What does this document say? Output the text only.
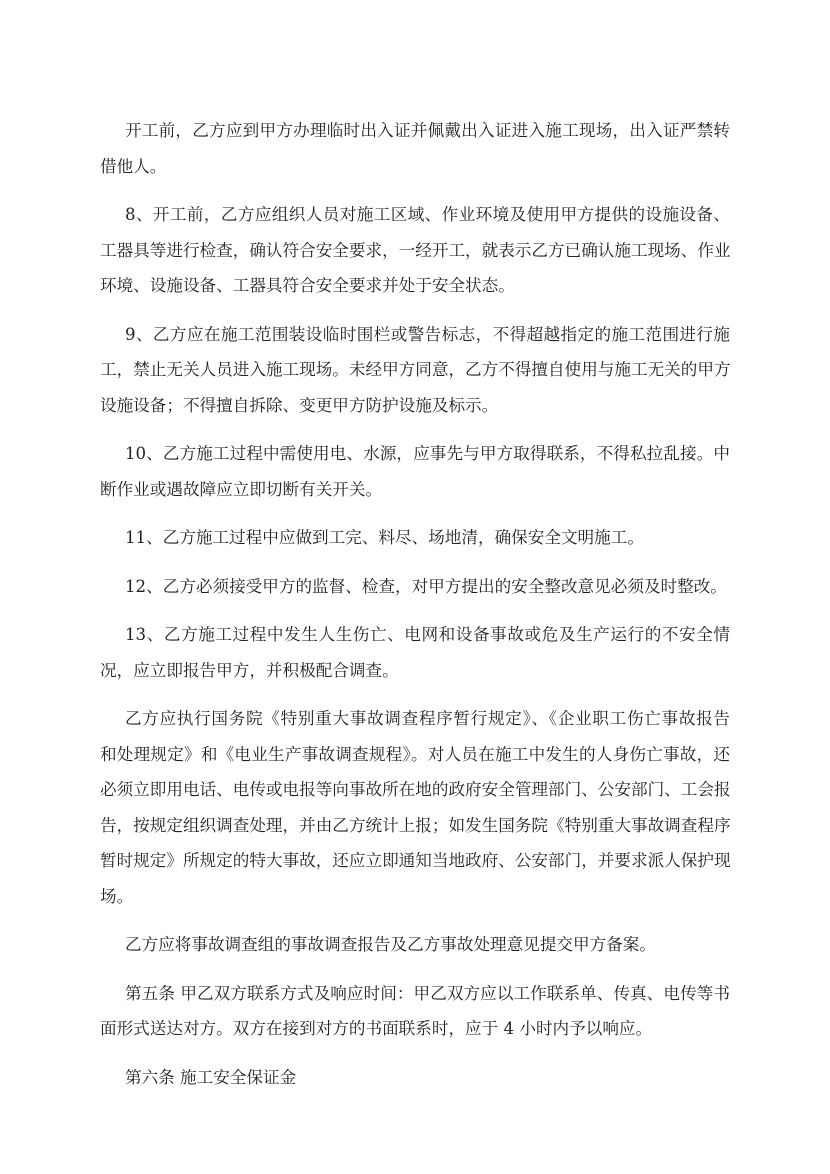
开工前，乙方应到甲方办理临时出入证并佩戴出入证进入施工现场，出入证严禁转
借他人。
8、开工前，乙方应组织人员对施工区域、作业环境及使用甲方提供的设施设备、
工器具等进行检查，确认符合安全要求，一经开工，就表示乙方已确认施工现场、作业
环境、设施设备、工器具符合安全要求并处于安全状态。
9、乙方应在施工范围装设临时围栏或警告标志，不得超越指定的施工范围进行施
工，禁止无关人员进入施工现场。未经甲方同意，乙方不得擅自使用与施工无关的甲方
设施设备；不得擅自拆除、变更甲方防护设施及标示。
10、乙方施工过程中需使用电、水源，应事先与甲方取得联系，不得私拉乱接。中
断作业或遇故障应立即切断有关开关。
11、乙方施工过程中应做到工完、料尽、场地清，确保安全文明施工。
12、乙方必须接受甲方的监督、检查，对甲方提出的安全整改意见必须及时整改。
13、乙方施工过程中发生人生伤亡、电网和设备事故或危及生产运行的不安全情
况，应立即报告甲方，并积极配合调查。
乙方应执行国务院《特别重大事故调查程序暂行规定》、《企业职工伤亡事故报告
和处理规定》和《电业生产事故调查规程》。对人员在施工中发生的人身伤亡事故，还
必须立即用电话、电传或电报等向事故所在地的政府安全管理部门、公安部门、工会报
告，按规定组织调查处理，并由乙方统计上报；如发生国务院《特别重大事故调查程序
暂时规定》所规定的特大事故，还应立即通知当地政府、公安部门，并要求派人保护现
场。
乙方应将事故调查组的事故调查报告及乙方事故处理意见提交甲方备案。
第五条 甲乙双方联系方式及响应时间：甲乙双方应以工作联系单、传真、电传等书
面形式送达对方。双方在接到对方的书面联系时，应于 4 小时内予以响应。
第六条 施工安全保证金
